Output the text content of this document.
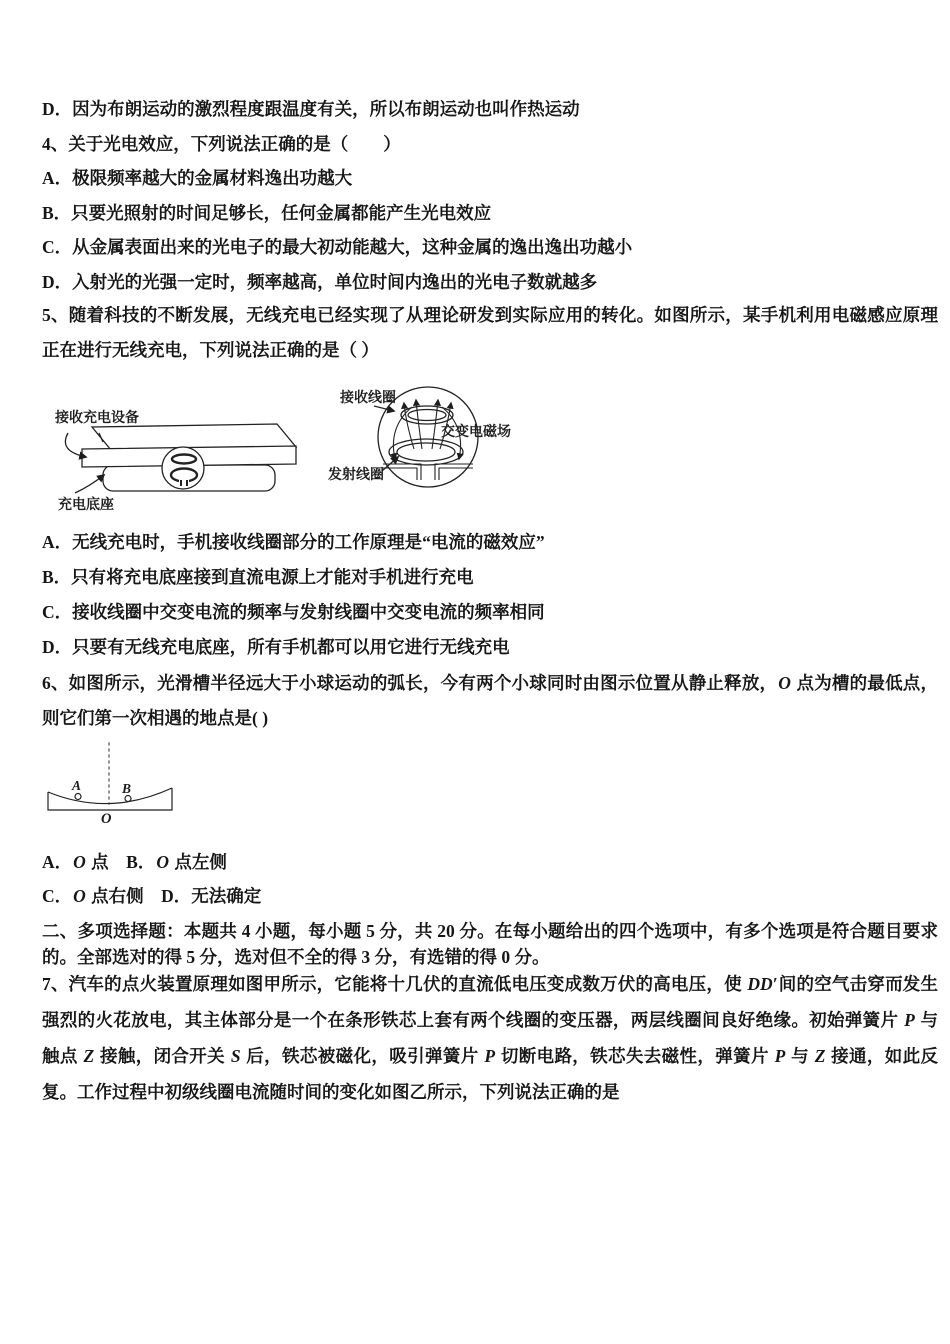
D．因为布朗运动的激烈程度跟温度有关，所以布朗运动也叫作热运动
4、关于光电效应，下列说法正确的是（　　）
A．极限频率越大的金属材料逸出功越大
B．只要光照射的时间足够长，任何金属都能产生光电效应
C．从金属表面出来的光电子的最大初动能越大，这种金属的逸出逸出功越小
D．入射光的光强一定时，频率越高，单位时间内逸出的光电子数就越多
5、随着科技的不断发展，无线充电已经实现了从理论研发到实际应用的转化。如图所示，某手机利用电磁感应原理正在进行无线充电，下列说法正确的是（ ）
接收充电设备
充电底座
接收线圈
交变电磁场
发射线圈
A．无线充电时，手机接收线圈部分的工作原理是“电流的磁效应”
B．只有将充电底座接到直流电源上才能对手机进行充电
C．接收线圈中交变电流的频率与发射线圈中交变电流的频率相同
D．只要有无线充电底座，所有手机都可以用它进行无线充电
6、如图所示，光滑槽半径远大于小球运动的弧长，今有两个小球同时由图示位置从静止释放，O 点为槽的最低点，则它们第一次相遇的地点是( )
A	B
O
A．O 点　B．O 点左侧
C．O 点右侧　D．无法确定
二、多项选择题：本题共 4 小题，每小题 5 分，共 20 分。在每小题给出的四个选项中，有多个选项是符合题目要求的。全部选对的得 5 分，选对但不全的得 3 分，有选错的得 0 分。
7、汽车的点火装置原理如图甲所示，它能将十几伏的直流低电压变成数万伏的高电压，使 DD′间的空气击穿而发生强烈的火花放电，其主体部分是一个在条形铁芯上套有两个线圈的变压器，两层线圈间良好绝缘。初始弹簧片 P 与触点 Z 接触，闭合开关 S 后，铁芯被磁化，吸引弹簧片 P 切断电路，铁芯失去磁性，弹簧片 P 与 Z 接通，如此反复。工作过程中初级线圈电流随时间的变化如图乙所示，下列说法正确的是
